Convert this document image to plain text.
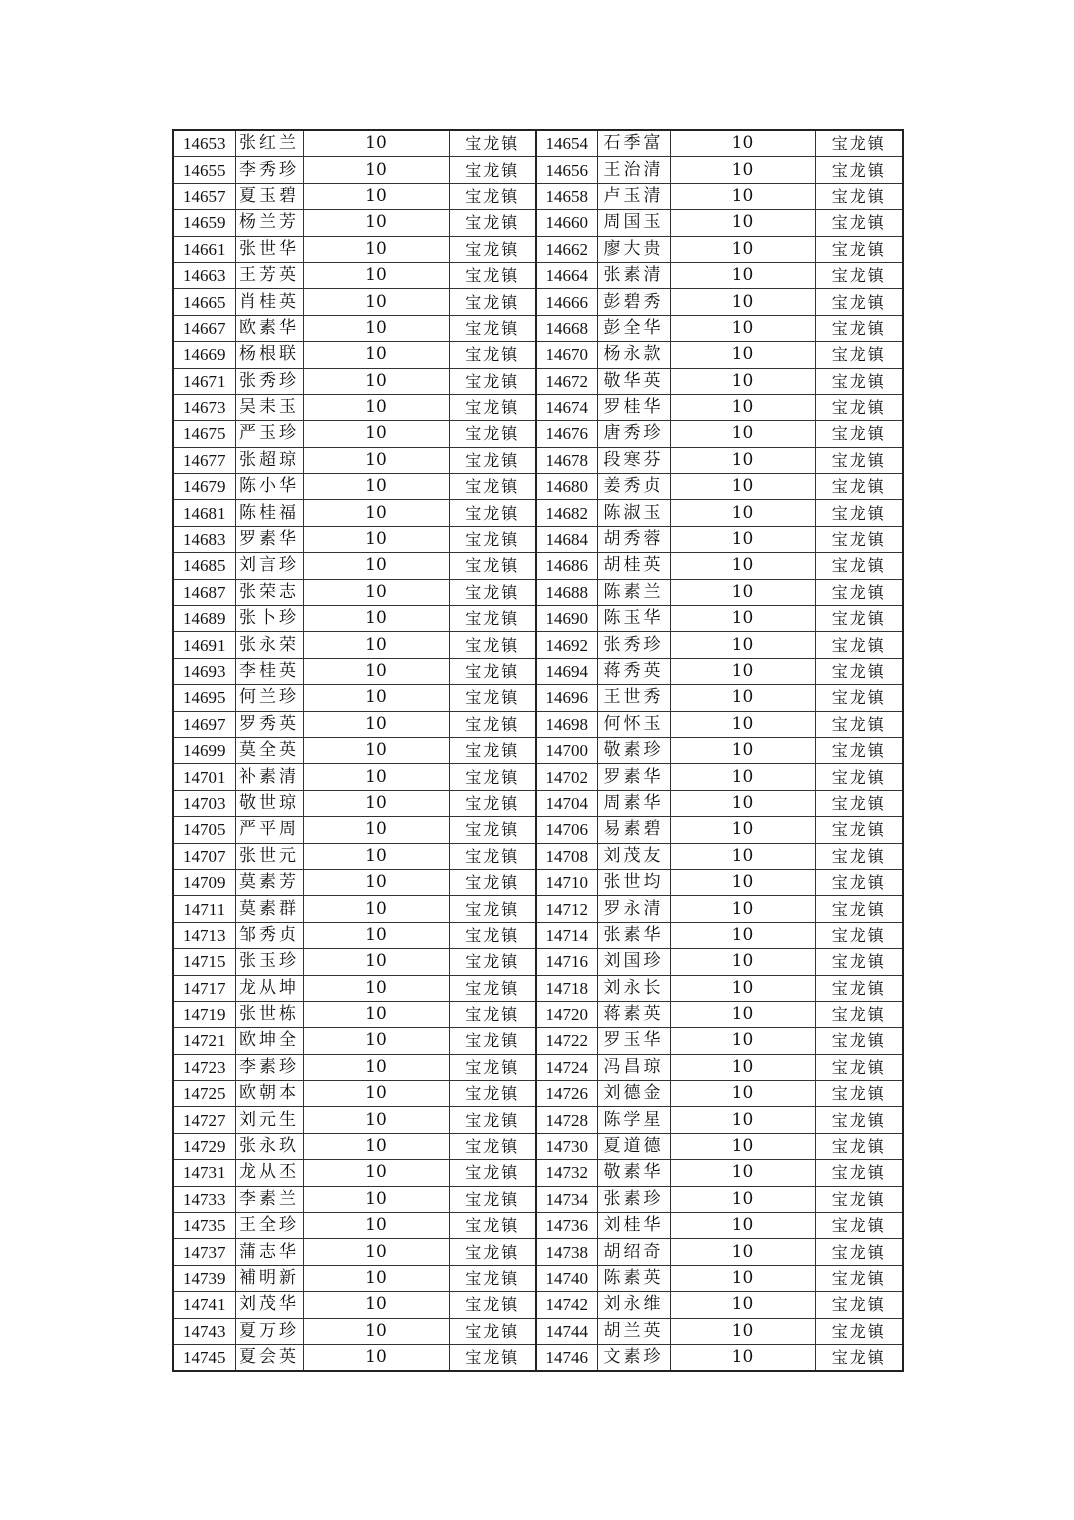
14653	张红兰	10	宝龙镇	14654	石季富	10	宝龙镇
14655	李秀珍	10	宝龙镇	14656	王治清	10	宝龙镇
14657	夏玉碧	10	宝龙镇	14658	卢玉清	10	宝龙镇
14659	杨兰芳	10	宝龙镇	14660	周国玉	10	宝龙镇
14661	张世华	10	宝龙镇	14662	廖大贵	10	宝龙镇
14663	王芳英	10	宝龙镇	14664	张素清	10	宝龙镇
14665	肖桂英	10	宝龙镇	14666	彭碧秀	10	宝龙镇
14667	欧素华	10	宝龙镇	14668	彭全华	10	宝龙镇
14669	杨根联	10	宝龙镇	14670	杨永款	10	宝龙镇
14671	张秀珍	10	宝龙镇	14672	敬华英	10	宝龙镇
14673	吴耒玉	10	宝龙镇	14674	罗桂华	10	宝龙镇
14675	严玉珍	10	宝龙镇	14676	唐秀珍	10	宝龙镇
14677	张超琼	10	宝龙镇	14678	段寒芬	10	宝龙镇
14679	陈小华	10	宝龙镇	14680	姜秀贞	10	宝龙镇
14681	陈桂福	10	宝龙镇	14682	陈淑玉	10	宝龙镇
14683	罗素华	10	宝龙镇	14684	胡秀蓉	10	宝龙镇
14685	刘言珍	10	宝龙镇	14686	胡桂英	10	宝龙镇
14687	张荣志	10	宝龙镇	14688	陈素兰	10	宝龙镇
14689	张卜珍	10	宝龙镇	14690	陈玉华	10	宝龙镇
14691	张永荣	10	宝龙镇	14692	张秀珍	10	宝龙镇
14693	李桂英	10	宝龙镇	14694	蒋秀英	10	宝龙镇
14695	何兰珍	10	宝龙镇	14696	王世秀	10	宝龙镇
14697	罗秀英	10	宝龙镇	14698	何怀玉	10	宝龙镇
14699	莫全英	10	宝龙镇	14700	敬素珍	10	宝龙镇
14701	补素清	10	宝龙镇	14702	罗素华	10	宝龙镇
14703	敬世琼	10	宝龙镇	14704	周素华	10	宝龙镇
14705	严平周	10	宝龙镇	14706	易素碧	10	宝龙镇
14707	张世元	10	宝龙镇	14708	刘茂友	10	宝龙镇
14709	莫素芳	10	宝龙镇	14710	张世均	10	宝龙镇
14711	莫素群	10	宝龙镇	14712	罗永清	10	宝龙镇
14713	邹秀贞	10	宝龙镇	14714	张素华	10	宝龙镇
14715	张玉珍	10	宝龙镇	14716	刘国珍	10	宝龙镇
14717	龙从坤	10	宝龙镇	14718	刘永长	10	宝龙镇
14719	张世栋	10	宝龙镇	14720	蒋素英	10	宝龙镇
14721	欧坤全	10	宝龙镇	14722	罗玉华	10	宝龙镇
14723	李素珍	10	宝龙镇	14724	冯昌琼	10	宝龙镇
14725	欧朝本	10	宝龙镇	14726	刘德金	10	宝龙镇
14727	刘元生	10	宝龙镇	14728	陈学星	10	宝龙镇
14729	张永玖	10	宝龙镇	14730	夏道德	10	宝龙镇
14731	龙从丕	10	宝龙镇	14732	敬素华	10	宝龙镇
14733	李素兰	10	宝龙镇	14734	张素珍	10	宝龙镇
14735	王全珍	10	宝龙镇	14736	刘桂华	10	宝龙镇
14737	蒲志华	10	宝龙镇	14738	胡绍奇	10	宝龙镇
14739	補明新	10	宝龙镇	14740	陈素英	10	宝龙镇
14741	刘茂华	10	宝龙镇	14742	刘永维	10	宝龙镇
14743	夏万珍	10	宝龙镇	14744	胡兰英	10	宝龙镇
14745	夏会英	10	宝龙镇	14746	文素珍	10	宝龙镇
